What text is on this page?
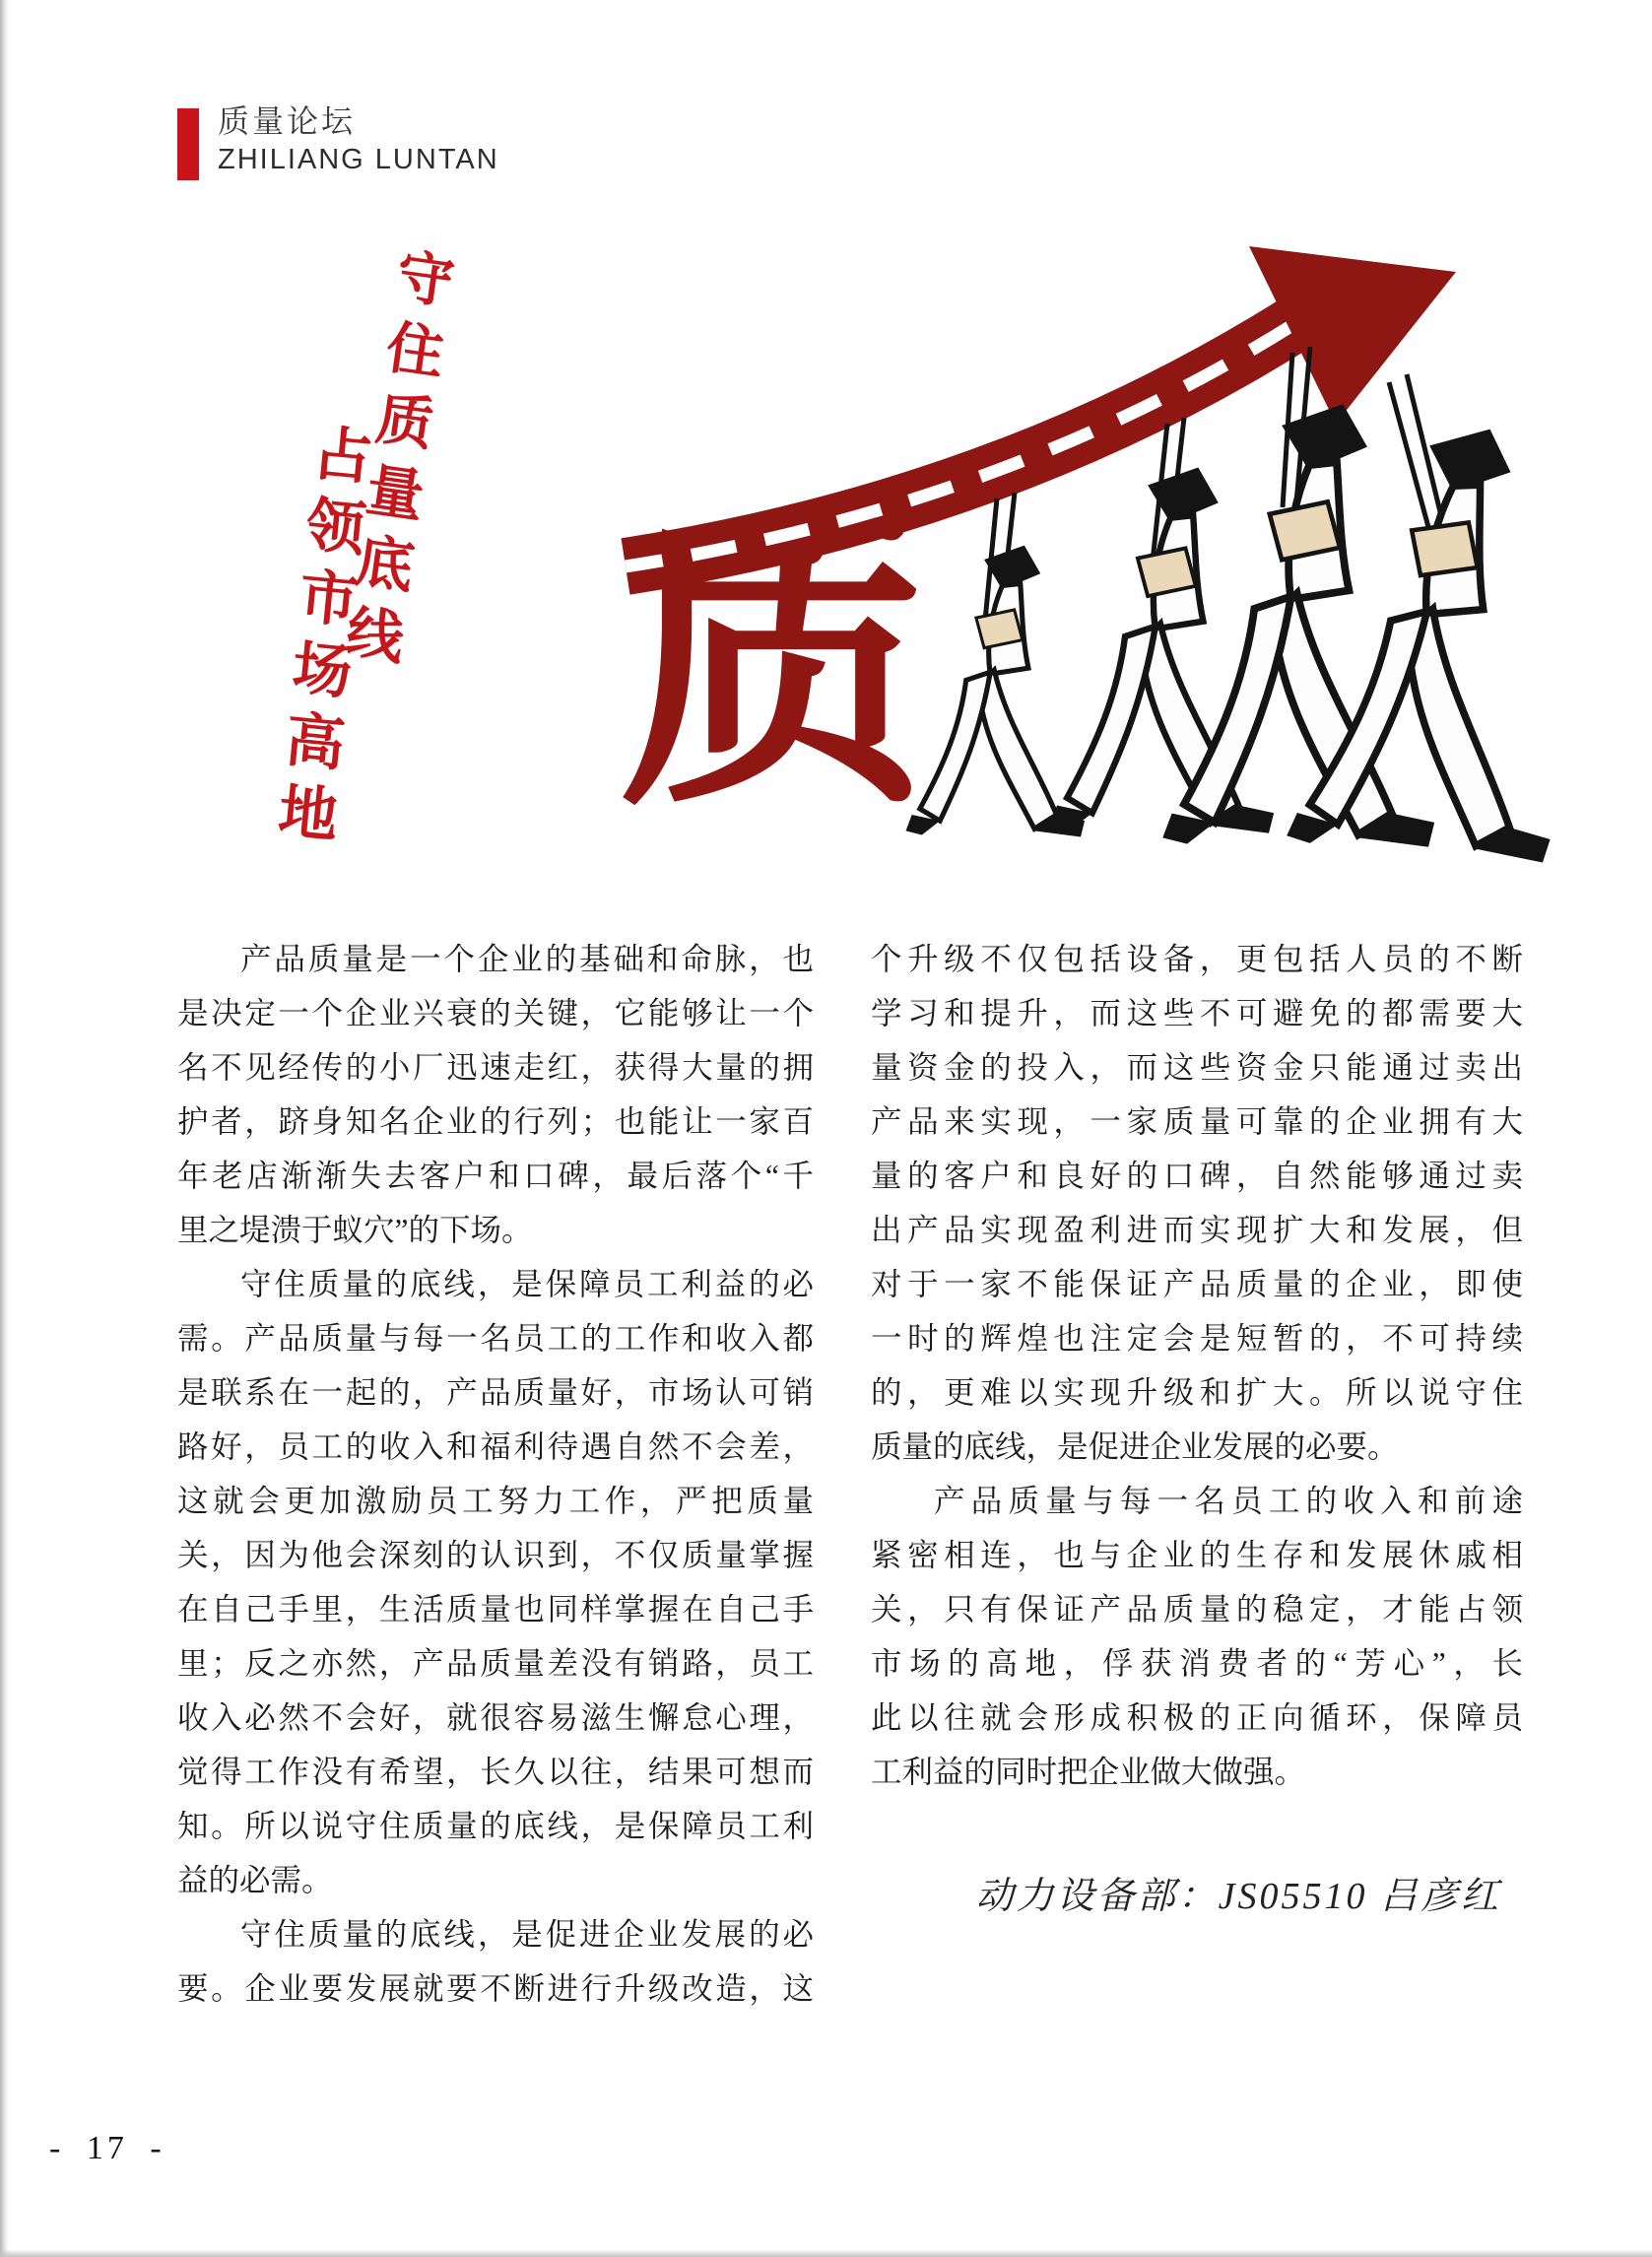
质量论坛
ZHILIANG LUNTAN
守住质量底线
占领市场高地 质
产品质量是一个企业的基础和命脉，也
是决定一个企业兴衰的关键，它能够让一个
名不见经传的小厂迅速走红，获得大量的拥
护者，跻身知名企业的行列；也能让一家百
年老店渐渐失去客户和口碑，最后落个“千
里之堤溃于蚁穴”的下场。
守住质量的底线，是保障员工利益的必
需。产品质量与每一名员工的工作和收入都
是联系在一起的，产品质量好，市场认可销
路好，员工的收入和福利待遇自然不会差，
这就会更加激励员工努力工作，严把质量
关，因为他会深刻的认识到，不仅质量掌握
在自己手里，生活质量也同样掌握在自己手
里；反之亦然，产品质量差没有销路，员工
收入必然不会好，就很容易滋生懈怠心理，
觉得工作没有希望，长久以往，结果可想而
知。所以说守住质量的底线，是保障员工利
益的必需。
守住质量的底线，是促进企业发展的必
要。企业要发展就要不断进行升级改造，这
个升级不仅包括设备，更包括人员的不断
学习和提升，而这些不可避免的都需要大
量资金的投入，而这些资金只能通过卖出
产品来实现，一家质量可靠的企业拥有大
量的客户和良好的口碑，自然能够通过卖
出产品实现盈利进而实现扩大和发展，但
对于一家不能保证产品质量的企业，即使
一时的辉煌也注定会是短暂的，不可持续
的，更难以实现升级和扩大。所以说守住
质量的底线，是促进企业发展的必要。
产品质量与每一名员工的收入和前途
紧密相连，也与企业的生存和发展休戚相
关，只有保证产品质量的稳定，才能占领
市场的高地，俘获消费者的“芳心”，长
此以往就会形成积极的正向循环，保障员
工利益的同时把企业做大做强。
动力设备部：JS05510 吕彦红
- 17 -
